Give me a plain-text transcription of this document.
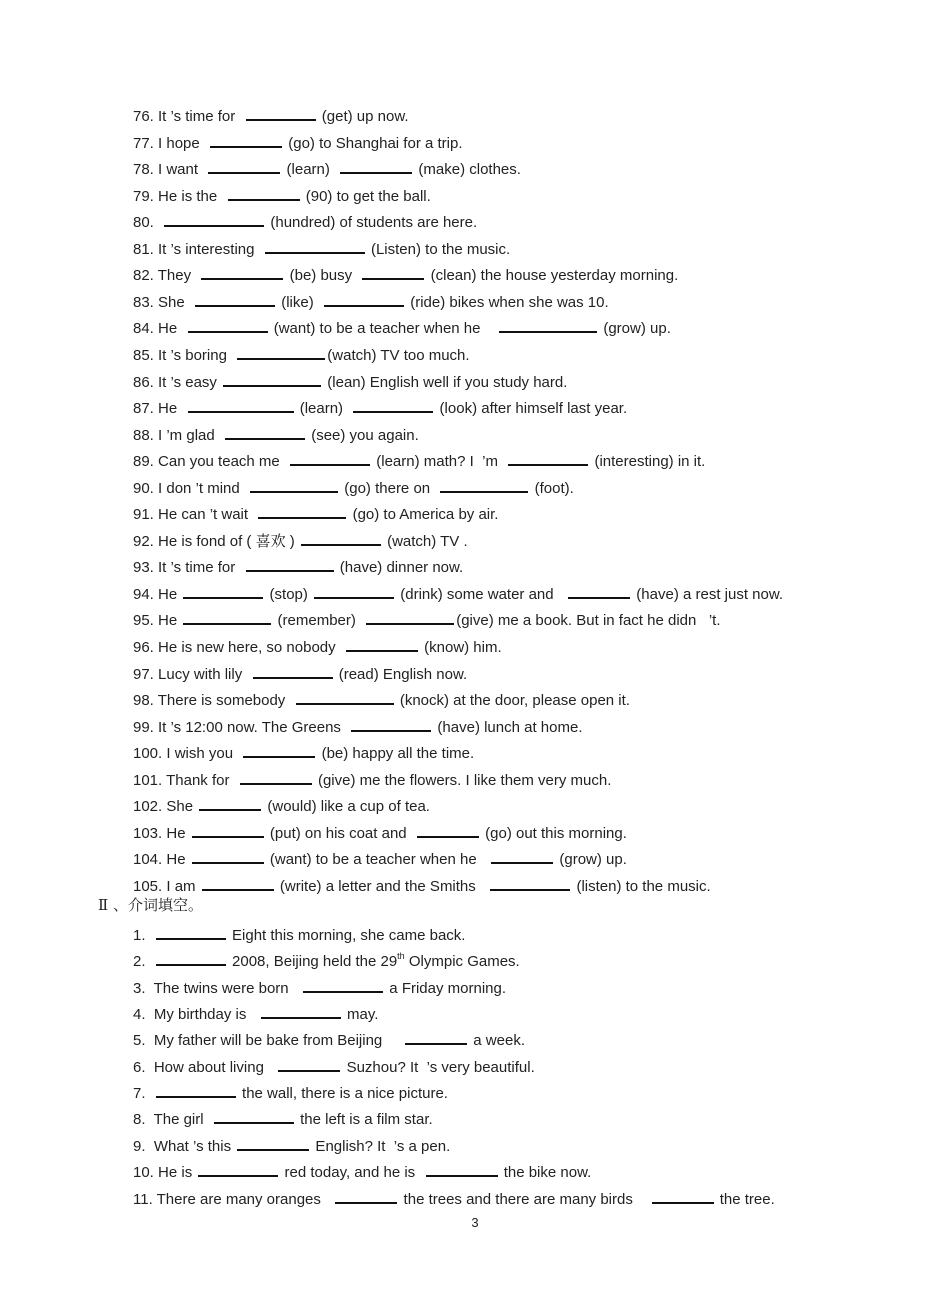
76. It ’s time for	(get) up now.
77. I hope	(go) to Shanghai for a trip.
78. I want	(learn)	(make) clothes.
79. He is the	(90) to get the ball.
80.	(hundred) of students are here.
81. It ’s interesting	(Listen) to the music.
82. They	(be) busy	(clean) the house yesterday morning.
83. She	(like)	(ride) bikes when she was 10.
84. He	(want) to be a teacher when he	(grow) up.
85. It ’s boring	(watch) TV too much.
86. It ’s easy	(lean) English well if you study hard.
87. He	(learn)	(look) after himself last year.
88. I ’m glad	(see) you again.
89. Can you teach me	(learn) math? I  ’m	(interesting) in it.
90. I don ’t mind	(go) there on	(foot).
91. He can ’t wait	(go) to America by air.
92. He is fond of ( 喜欢 )	(watch) TV .
93. It ’s time for	(have) dinner now.
94. He	(stop)	(drink) some water and	(have) a rest just now.
95. He	(remember)	(give) me a book. But in fact he didn   ’t.
96. He is new here, so nobody	(know) him.
97. Lucy with lily	(read) English now.
98. There is somebody	(knock) at the door, please open it.
99. It ’s 12:00 now. The Greens	(have) lunch at home.
100. I wish you	(be) happy all the time.
101. Thank for	(give) me the flowers. I like them very much.
102. She	(would) like a cup of tea.
103. He	(put) on his coat and	(go) out this morning.
104. He	(want) to be a teacher when he	(grow) up.
105. I am	(write) a letter and the Smiths	(listen) to the music.
Ⅱ 、介词填空。
1.	Eight this morning, she came back.
2.	2008, Beijing held the 29th Olympic Games.
3.  The twins were born	a Friday morning.
4.  My birthday is	may.
5.  My father will be bake from Beijing	a week.
6.  How about living	Suzhou? It  ’s very beautiful.
7.	the wall, there is a nice picture.
8.  The girl	the left is a film star.
9.  What ’s this	English? It  ’s a pen.
10. He is	red today, and he is	the bike now.
11. There are many oranges	the trees and there are many birds	the tree.
3
